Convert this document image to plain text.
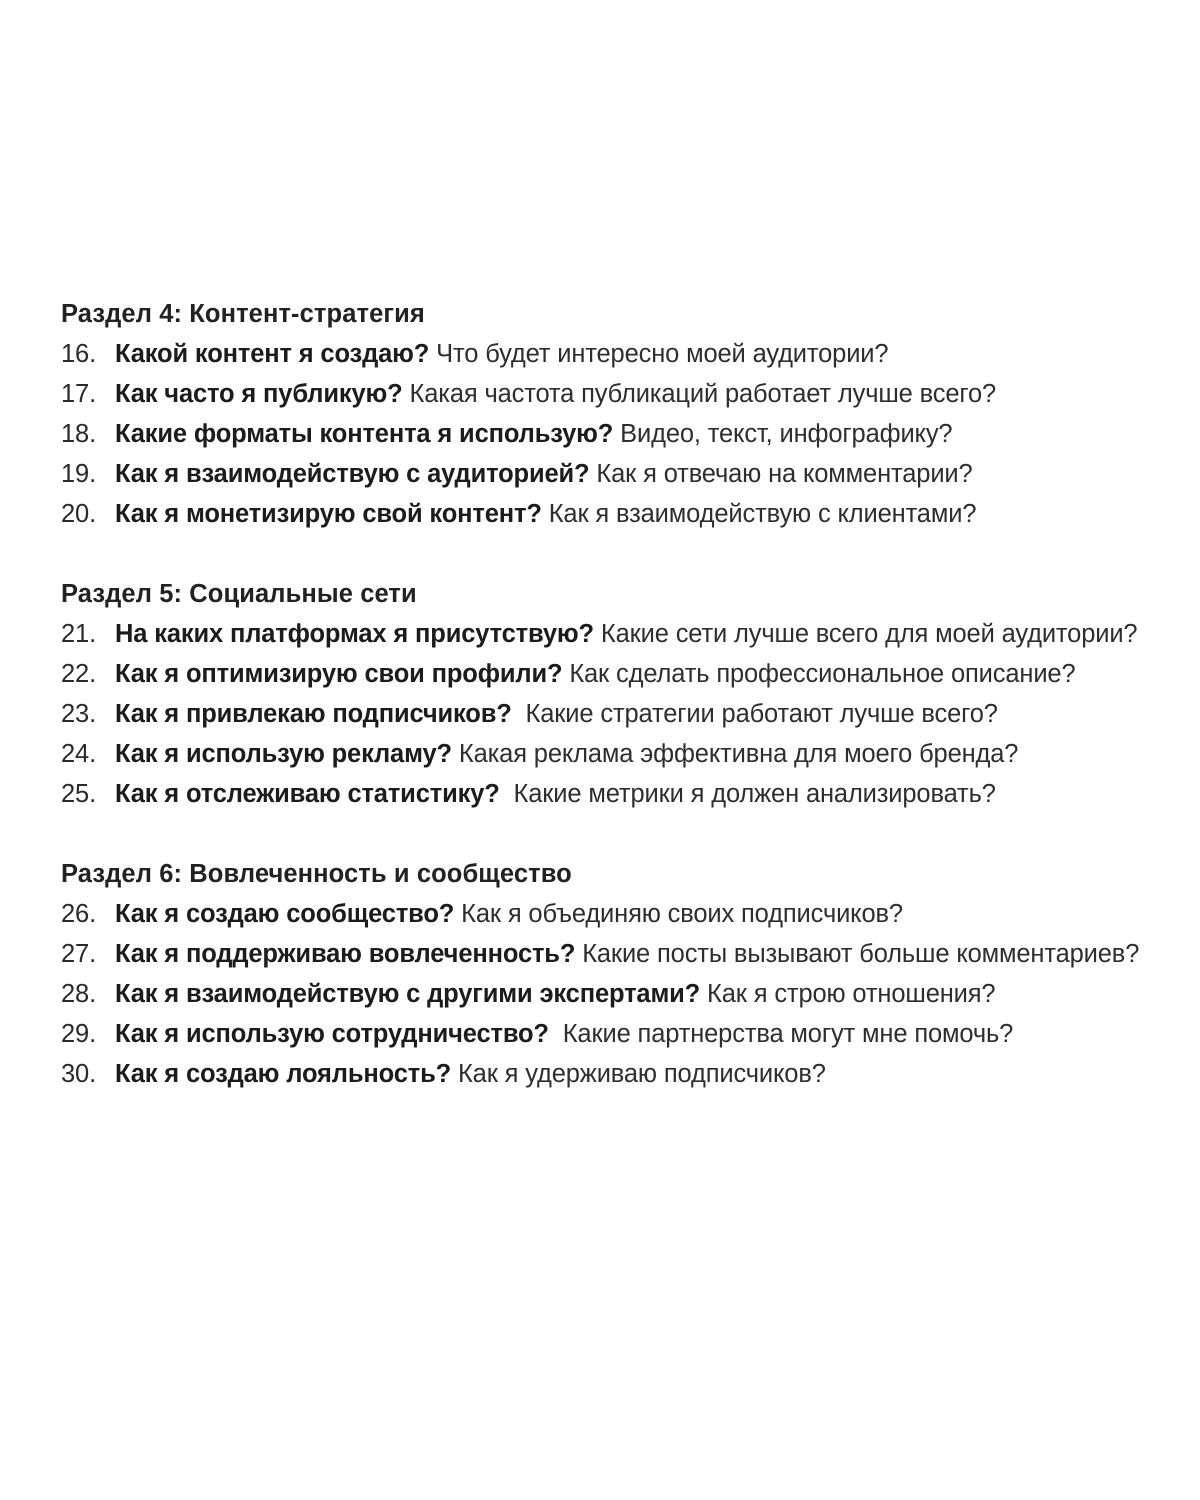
Раздел 4: Контент-стратегия
16. Какой контент я создаю? Что будет интересно моей аудитории?
17. Как часто я публикую? Какая частота публикаций работает лучше всего?
18. Какие форматы контента я использую? Видео, текст, инфографику?
19. Как я взаимодействую с аудиторией? Как я отвечаю на комментарии?
20. Как я монетизирую свой контент? Как я взаимодействую с клиентами?
Раздел 5: Социальные сети
21. На каких платформах я присутствую? Какие сети лучше всего для моей аудитории?
22. Как я оптимизирую свои профили? Как сделать профессиональное описание?
23. Как я привлекаю подписчиков?  Какие стратегии работают лучше всего?
24. Как я использую рекламу? Какая реклама эффективна для моего бренда?
25. Как я отслеживаю статистику?  Какие метрики я должен анализировать?
Раздел 6: Вовлеченность и сообщество
26. Как я создаю сообщество? Как я объединяю своих подписчиков?
27. Как я поддерживаю вовлеченность? Какие посты вызывают больше комментариев?
28. Как я взаимодействую с другими экспертами? Как я строю отношения?
29. Как я использую сотрудничество?  Какие партнерства могут мне помочь?
30. Как я создаю лояльность? Как я удерживаю подписчиков?
